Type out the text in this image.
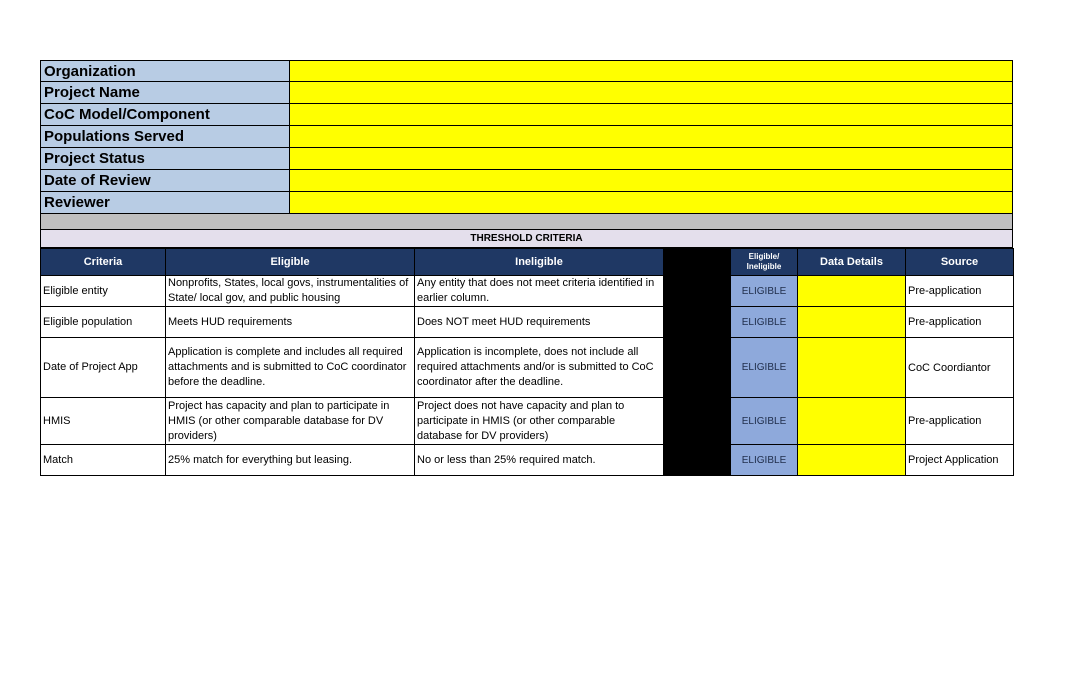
Organization
Project Name
CoC Model/Component
Populations Served
Project Status
Date of Review
Reviewer
THRESHOLD CRITERIA
Criteria	Eligible	Ineligible		Eligible/ Ineligible	Data Details	Source
Eligible entity	Nonprofits, States, local govs, instrumentalities of State/ local gov, and public housing	Any entity that does not meet criteria identified in earlier column.		ELIGIBLE		Pre-application
Eligible population	Meets HUD requirements	Does NOT meet HUD requirements		ELIGIBLE		Pre-application
Date of Project App	Application is complete and includes all required attachments and is submitted to CoC coordinator before the deadline.	Application is incomplete, does not include all required attachments and/or is submitted to CoC coordinator after the deadline.		ELIGIBLE		CoC Coordiantor
HMIS	Project has capacity and plan to participate in HMIS (or other comparable database for DV providers)	Project does not have capacity and plan to participate in HMIS (or other comparable database for DV providers)		ELIGIBLE		Pre-application
Match	25% match for everything but leasing.	No or less than 25% required match.		ELIGIBLE		Project Application
